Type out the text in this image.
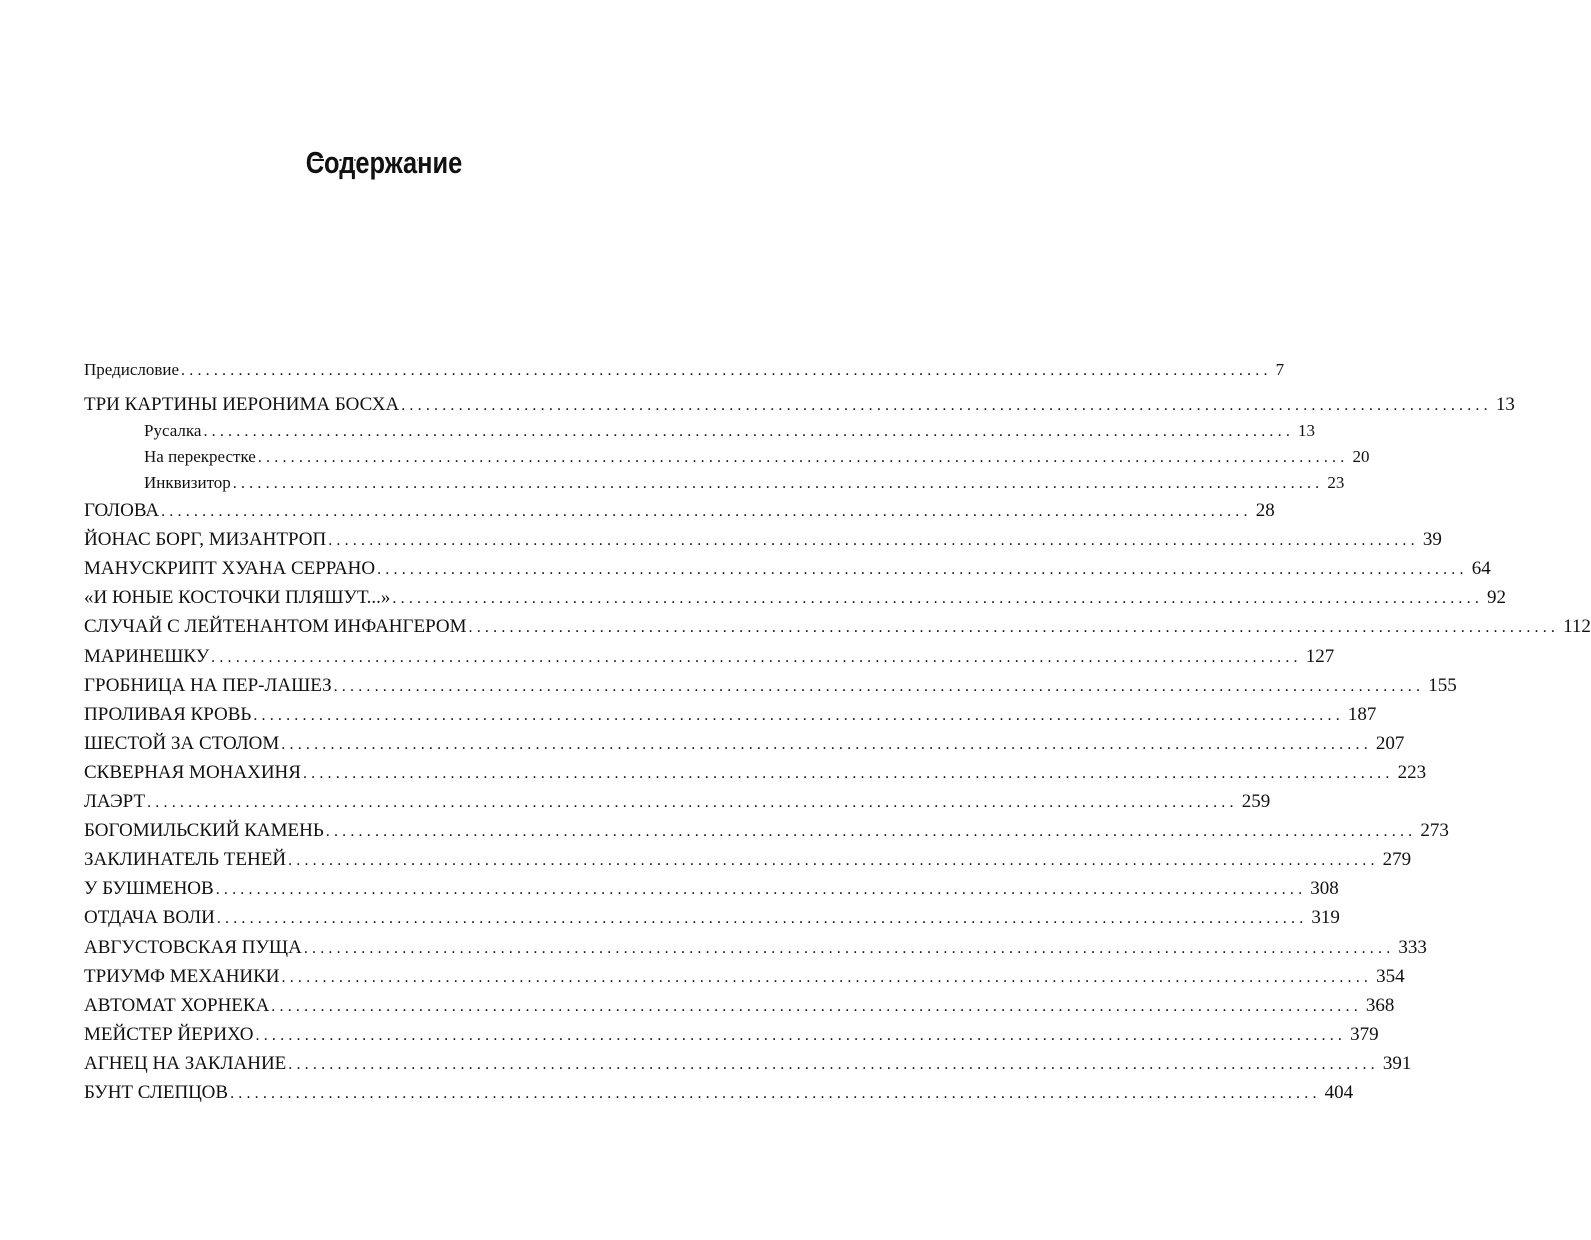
Содержание
Предисловие ..................................................................................................................................... 7
ТРИ КАРТИНЫ ИЕРОНИМА БОСХА ..................................................................................................................................... 13
Русалка ..................................................................................................................................... 13
На перекрестке ..................................................................................................................................... 20
Инквизитор ..................................................................................................................................... 23
ГОЛОВА ..................................................................................................................................... 28
ЙОНАС БОРГ, МИЗАНТРОП ..................................................................................................................................... 39
МАНУСКРИПТ ХУАНА СЕРРАНО ..................................................................................................................................... 64
«И ЮНЫЕ КОСТОЧКИ ПЛЯШУТ...» ..................................................................................................................................... 92
СЛУЧАЙ С ЛЕЙТЕНАНТОМ ИНФАНГЕРОМ ..................................................................................................................................... 112
МАРИНЕШКУ ..................................................................................................................................... 127
ГРОБНИЦА НА ПЕР-ЛАШЕЗ ..................................................................................................................................... 155
ПРОЛИВАЯ КРОВЬ ..................................................................................................................................... 187
ШЕСТОЙ ЗА СТОЛОМ ..................................................................................................................................... 207
СКВЕРНАЯ МОНАХИНЯ ..................................................................................................................................... 223
ЛАЭРТ ..................................................................................................................................... 259
БОГОМИЛЬСКИЙ КАМЕНЬ ..................................................................................................................................... 273
ЗАКЛИНАТЕЛЬ ТЕНЕЙ ..................................................................................................................................... 279
У БУШМЕНОВ ..................................................................................................................................... 308
ОТДАЧА ВОЛИ ..................................................................................................................................... 319
АВГУСТОВСКАЯ ПУЩА ..................................................................................................................................... 333
ТРИУМФ МЕХАНИКИ ..................................................................................................................................... 354
АВТОМАТ ХОРНЕКА ..................................................................................................................................... 368
МЕЙСТЕР ЙЕРИХО ..................................................................................................................................... 379
АГНЕЦ НА ЗАКЛАНИЕ ..................................................................................................................................... 391
БУНТ СЛЕПЦОВ ..................................................................................................................................... 404
